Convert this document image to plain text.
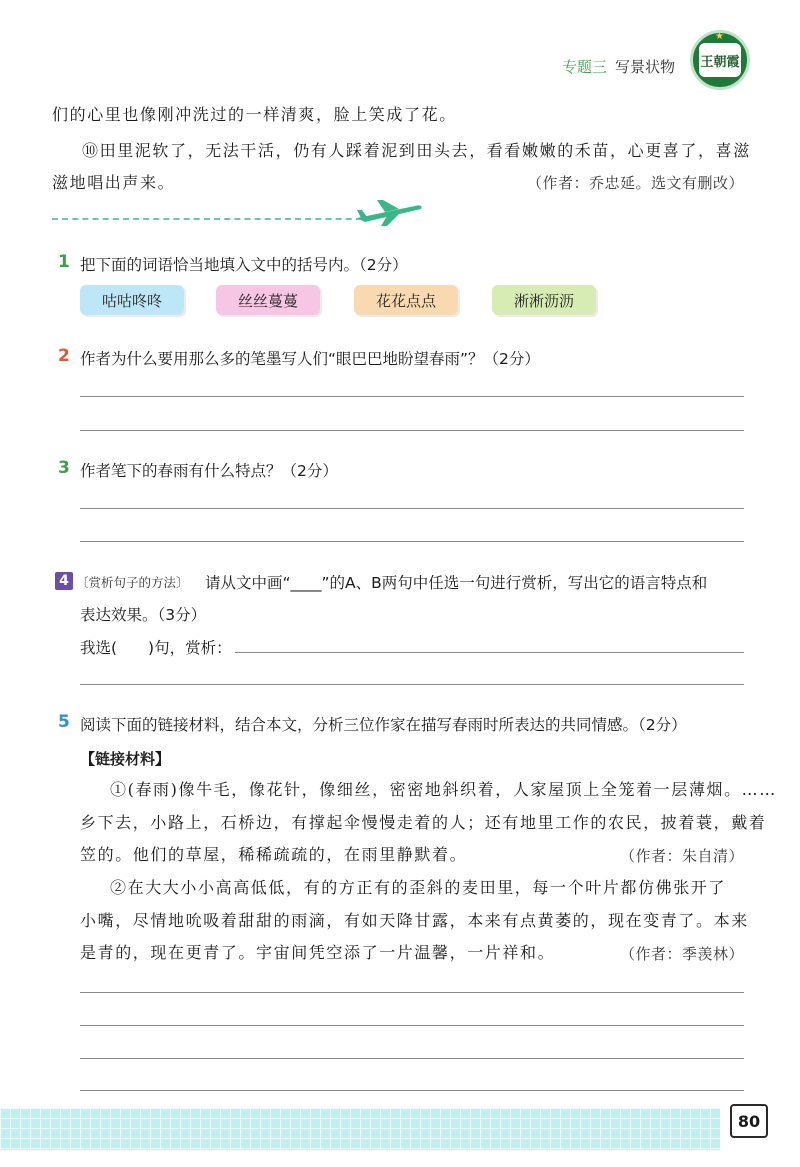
专题三 写景状物
★
王朝霞
们的心里也像刚冲洗过的一样清爽，脸上笑成了花。
⑩田里泥软了，无法干活，仍有人踩着泥到田头去，看看嫩嫩的禾苗，心更喜了，喜滋
滋地唱出声来。	（作者：乔忠延。选文有删改）
1 把下面的词语恰当地填入文中的括号内。（2分）
咕咕咚咚	丝丝蔓蔓	花花点点	淅淅沥沥
2 作者为什么要用那么多的笔墨写人们“眼巴巴地盼望春雨”？（2分）
3 作者笔下的春雨有什么特点？（2分）
4 〔赏析句子的方法〕 请从文中画“____”的A、B两句中任选一句进行赏析，写出它的语言特点和
表达效果。（3分）
我选(　　)句，赏析：
5 阅读下面的链接材料，结合本文，分析三位作家在描写春雨时所表达的共同情感。（2分）
【链接材料】
①(春雨)像牛毛，像花针，像细丝，密密地斜织着，人家屋顶上全笼着一层薄烟。……
乡下去，小路上，石桥边，有撑起伞慢慢走着的人；还有地里工作的农民，披着蓑，戴着
笠的。他们的草屋，稀稀疏疏的，在雨里静默着。	（作者：朱自清）
②在大大小小高高低低，有的方正有的歪斜的麦田里，每一个叶片都仿佛张开了
小嘴，尽情地吮吸着甜甜的雨滴，有如天降甘露，本来有点黄萎的，现在变青了。本来
是青的，现在更青了。宇宙间凭空添了一片温馨，一片祥和。	（作者：季羡林）
80
